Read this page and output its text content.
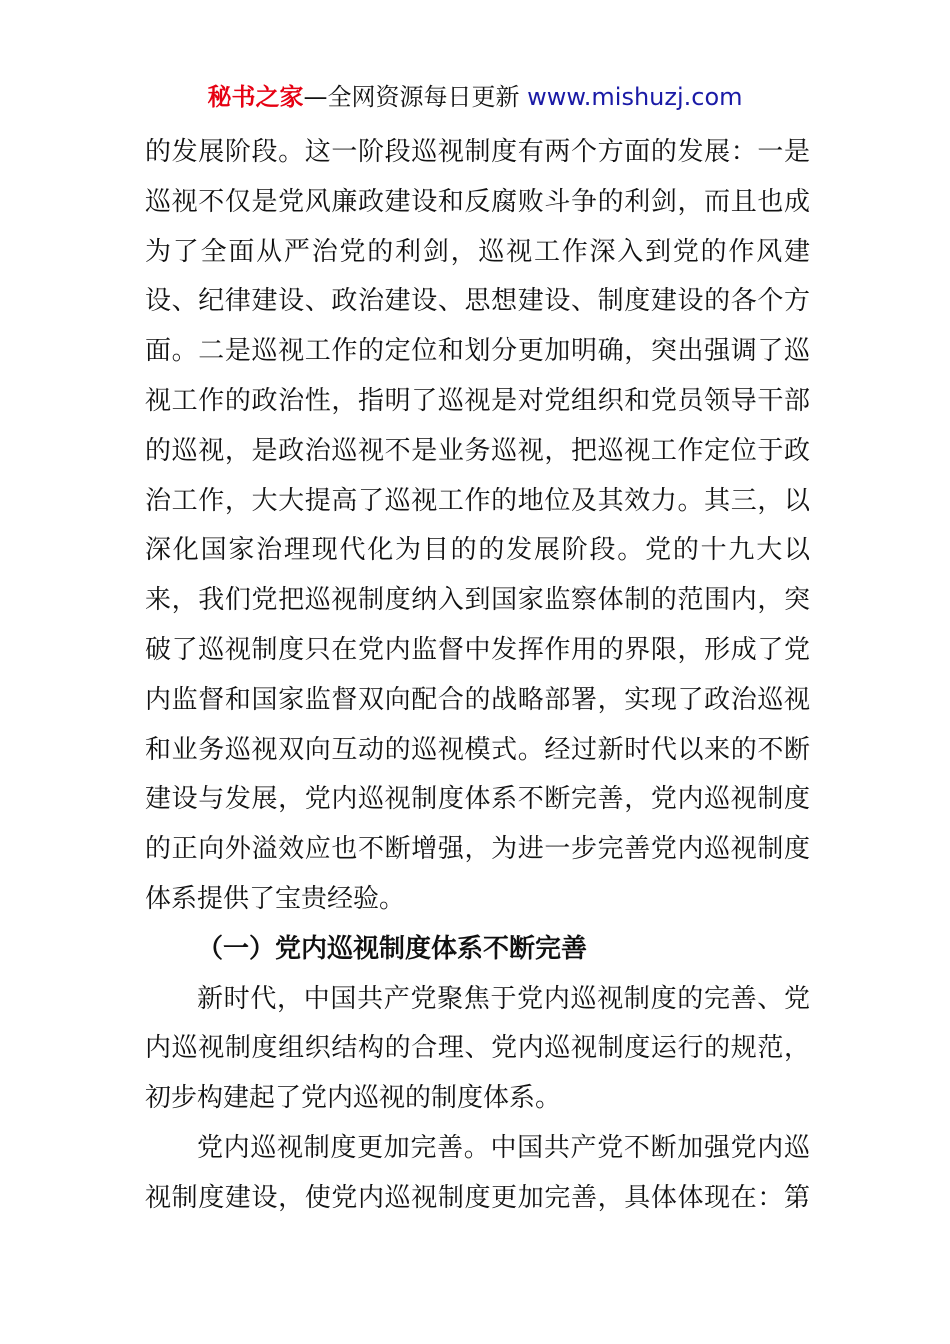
秘书之家—全网资源每日更新 www.mishuzj.com
的发展阶段。这一阶段巡视制度有两个方面的发展：一是
巡视不仅是党风廉政建设和反腐败斗争的利剑，而且也成
为了全面从严治党的利剑，巡视工作深入到党的作风建
设、纪律建设、政治建设、思想建设、制度建设的各个方
面。二是巡视工作的定位和划分更加明确，突出强调了巡
视工作的政治性，指明了巡视是对党组织和党员领导干部
的巡视，是政治巡视不是业务巡视，把巡视工作定位于政
治工作，大大提高了巡视工作的地位及其效力。其三，以
深化国家治理现代化为目的的发展阶段。党的十九大以
来，我们党把巡视制度纳入到国家监察体制的范围内，突
破了巡视制度只在党内监督中发挥作用的界限，形成了党
内监督和国家监督双向配合的战略部署，实现了政治巡视
和业务巡视双向互动的巡视模式。经过新时代以来的不断
建设与发展，党内巡视制度体系不断完善，党内巡视制度
的正向外溢效应也不断增强，为进一步完善党内巡视制度
体系提供了宝贵经验。
（一）党内巡视制度体系不断完善
新时代，中国共产党聚焦于党内巡视制度的完善、党
内巡视制度组织结构的合理、党内巡视制度运行的规范，
初步构建起了党内巡视的制度体系。
党内巡视制度更加完善。中国共产党不断加强党内巡
视制度建设，使党内巡视制度更加完善，具体体现在：第
